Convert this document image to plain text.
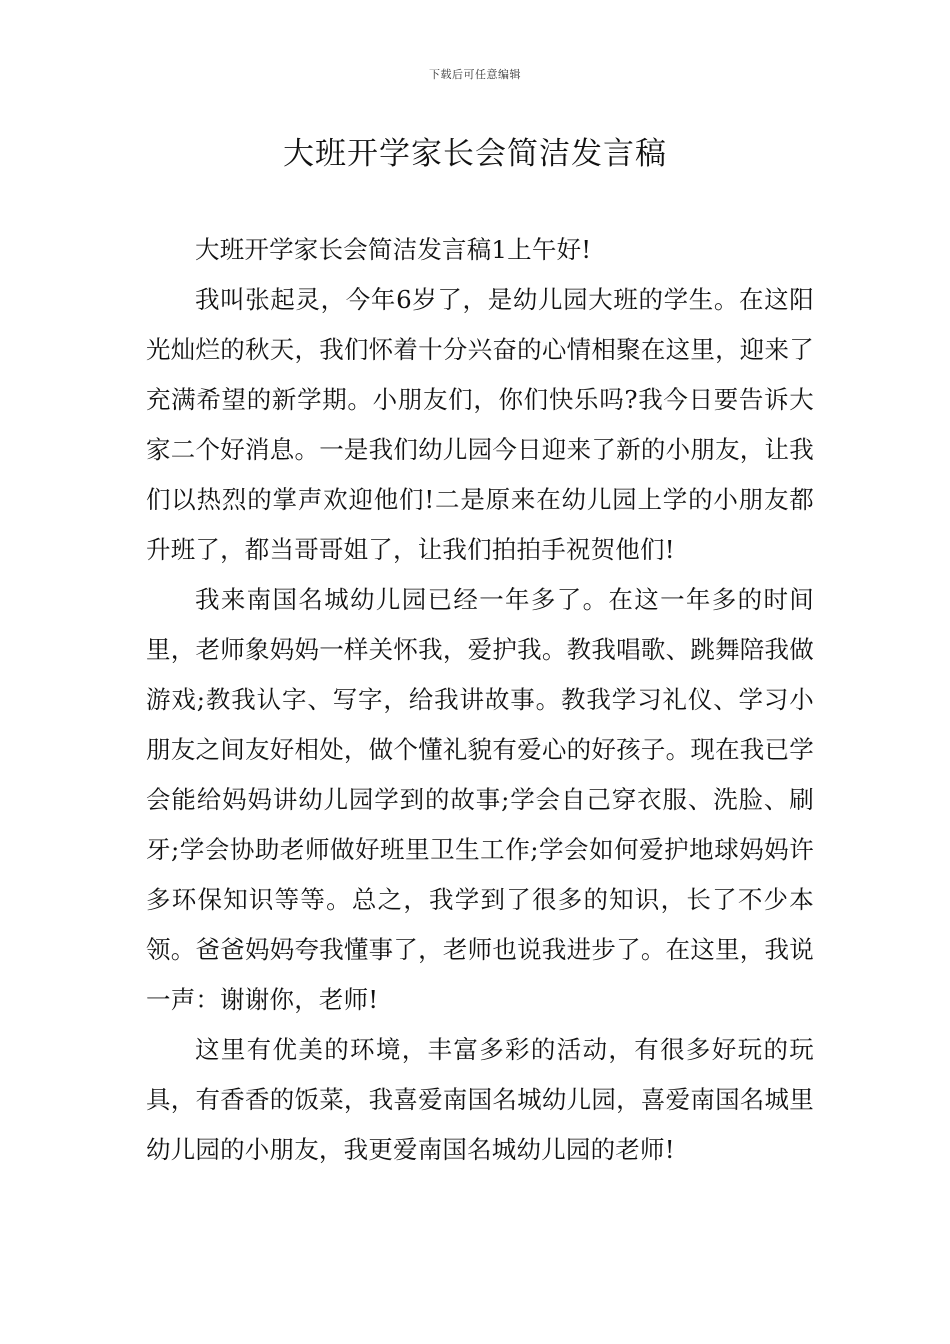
下载后可任意编辑
大班开学家长会简洁发言稿

大班开学家长会简洁发言稿1上午好!

我叫张起灵，今年6岁了，是幼儿园大班的学生。在这阳光灿烂的秋天，我们怀着十分兴奋的心情相聚在这里，迎来了充满希望的新学期。小朋友们，你们快乐吗?我今日要告诉大家二个好消息。一是我们幼儿园今日迎来了新的小朋友，让我们以热烈的掌声欢迎他们!二是原来在幼儿园上学的小朋友都升班了，都当哥哥姐了，让我们拍拍手祝贺他们!

我来南国名城幼儿园已经一年多了。在这一年多的时间里，老师象妈妈一样关怀我，爱护我。教我唱歌、跳舞陪我做游戏;教我认字、写字，给我讲故事。教我学习礼仪、学习小朋友之间友好相处，做个懂礼貌有爱心的好孩子。现在我已学会能给妈妈讲幼儿园学到的故事;学会自己穿衣服、洗脸、刷牙;学会协助老师做好班里卫生工作;学会如何爱护地球妈妈许多环保知识等等。总之，我学到了很多的知识，长了不少本领。爸爸妈妈夸我懂事了，老师也说我进步了。在这里，我说一声：谢谢你，老师!

这里有优美的环境，丰富多彩的活动，有很多好玩的玩具，有香香的饭菜，我喜爱南国名城幼儿园，喜爱南国名城里幼儿园的小朋友，我更爱南国名城幼儿园的老师!
